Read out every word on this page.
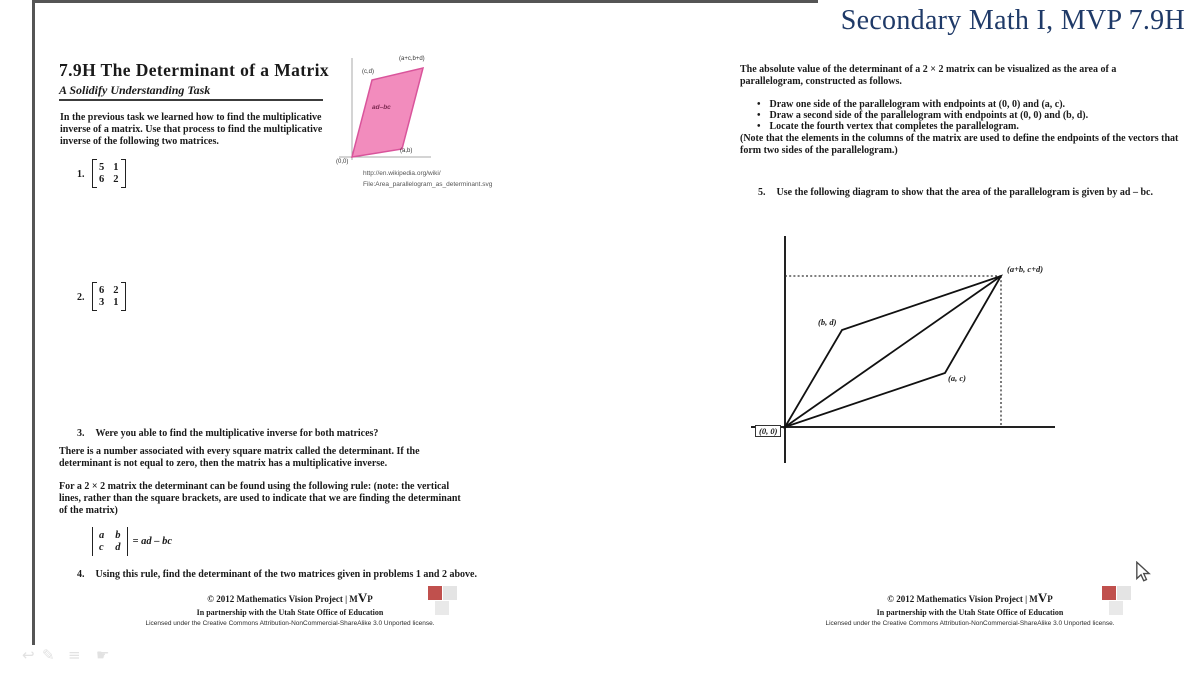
Secondary Math I, MVP 7.9H
7.9H The Determinant of a Matrix
A Solidify Understanding Task
In the previous task we learned how to find the multiplicative inverse of a matrix. Use that process to find the multiplicative inverse of the following two matrices.
1.
5 1
6 2
2.
6 2
3 1
3. Were you able to find the multiplicative inverse for both matrices?
There is a number associated with every square matrix called the determinant. If the determinant is not equal to zero, then the matrix has a multiplicative inverse.
For a 2 × 2 matrix the determinant can be found using the following rule: (note: the vertical lines, rather than the square brackets, are used to indicate that we are finding the determinant of the matrix)
a b
c d
= ad – bc
4. Using this rule, find the determinant of the two matrices given in problems 1 and 2 above.
(a+c,b+d)
(c,d)
ad–bc
(a,b)
(0,0)
http://en.wikipedia.org/wiki/
File:Area_parallelogram_as_determinant.svg
The absolute value of the determinant of a 2 × 2 matrix can be visualized as the area of a parallelogram, constructed as follows.
• Draw one side of the parallelogram with endpoints at (0, 0) and (a, c).
• Draw a second side of the parallelogram with endpoints at (0, 0) and (b, d).
• Locate the fourth vertex that completes the parallelogram.
(Note that the elements in the columns of the matrix are used to define the endpoints of the vectors that form two sides of the parallelogram.)
5. Use the following diagram to show that the area of the parallelogram is given by ad – bc.
(a+b, c+d)
(b, d)
(a, c)
(0, 0)
© 2012 Mathematics Vision Project | MVP
In partnership with the Utah State Office of Education
Licensed under the Creative Commons Attribution-NonCommercial-ShareAlike 3.0 Unported license.
© 2012 Mathematics Vision Project | MVP
In partnership with the Utah State Office of Education
Licensed under the Creative Commons Attribution-NonCommercial-ShareAlike 3.0 Unported license.
↩ ✎ ≡ ☛
